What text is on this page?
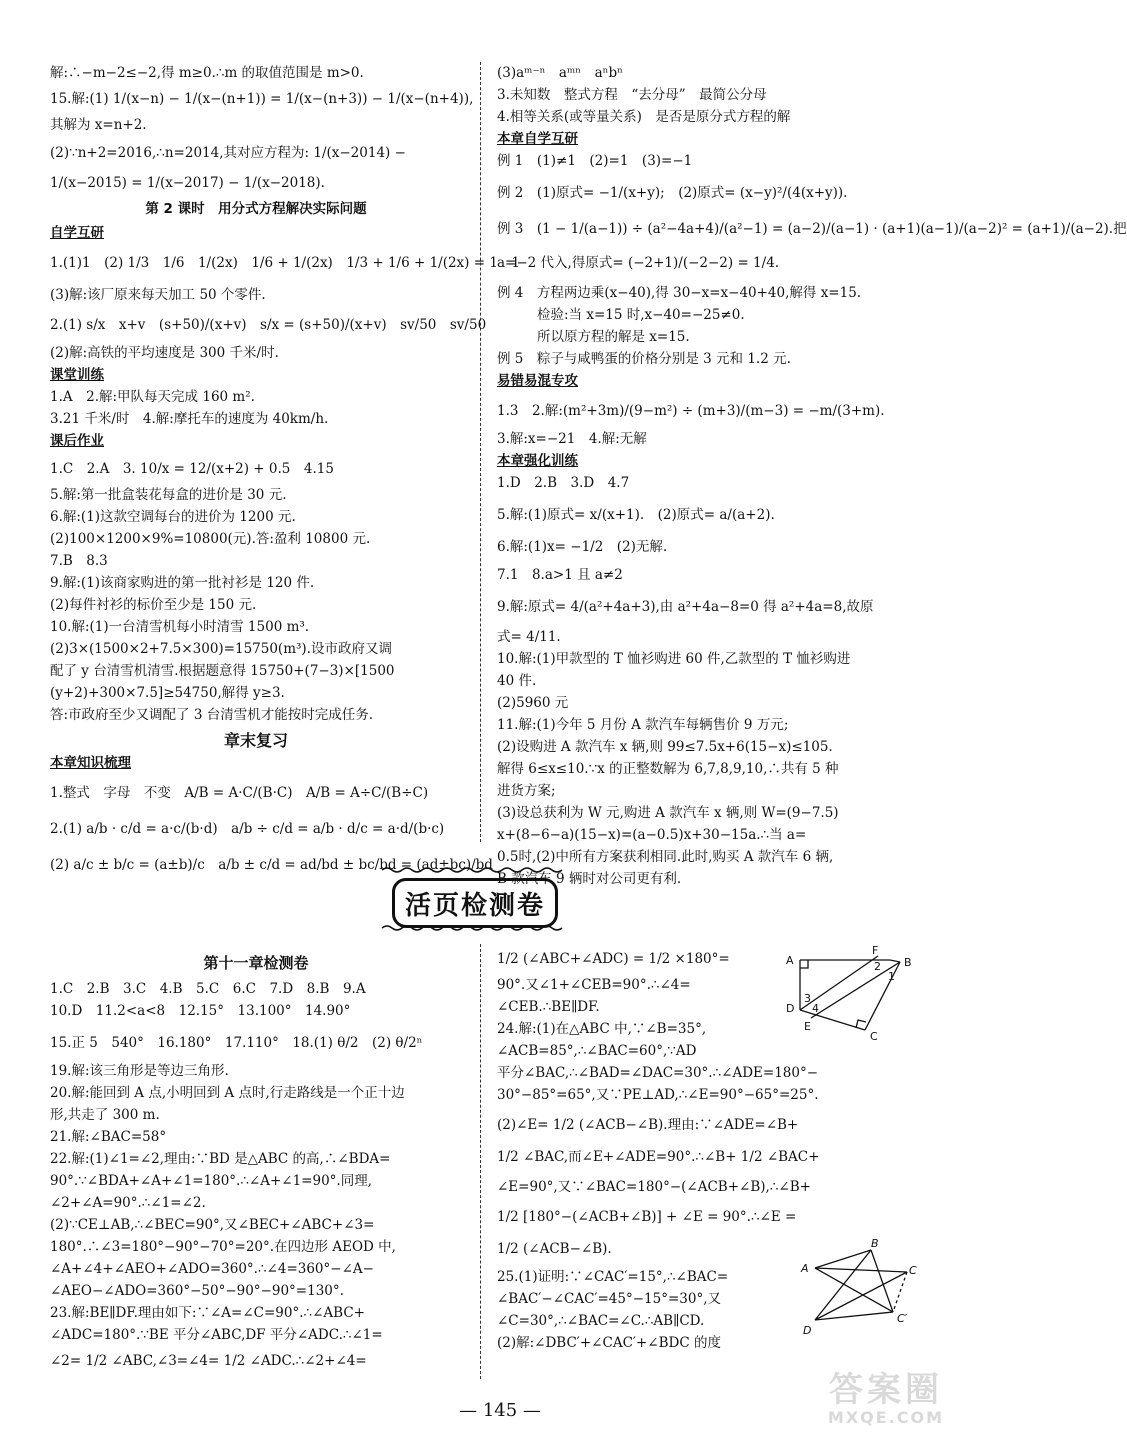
解:∴−m−2≤−2,得 m≥0.∴m 的取值范围是 m>0.
15.解:(1) 1/(x−n) − 1/(x−(n+1)) = 1/(x−(n+3)) − 1/(x−(n+4)),
其解为 x=n+2.
(2)∵n+2=2016,∴n=2014,其对应方程为: 1/(x−2014) −
1/(x−2015) = 1/(x−2017) − 1/(x−2018).
第 2 课时　用分式方程解决实际问题
自学互研
1.(1)1　(2) 1/3　1/6　1/(2x)　1/6 + 1/(2x)　1/3 + 1/6 + 1/(2x) = 1　1
(3)解:该厂原来每天加工 50 个零件.
2.(1) s/x　x+v　(s+50)/(x+v)　s/x = (s+50)/(x+v)　sv/50　sv/50
(2)解:高铁的平均速度是 300 千米/时.
课堂训练
1.A　2.解:甲队每天完成 160 m².
3.21 千米/时　4.解:摩托车的速度为 40km/h.
课后作业
1.C　2.A　3. 10/x = 12/(x+2) + 0.5　4.15
5.解:第一批盒装花每盒的进价是 30 元.
6.解:(1)这款空调每台的进价为 1200 元.
(2)100×1200×9%=10800(元).答:盈利 10800 元.
7.B　8.3
9.解:(1)该商家购进的第一批衬衫是 120 件.
(2)每件衬衫的标价至少是 150 元.
10.解:(1)一台清雪机每小时清雪 1500 m³.
(2)3×(1500×2+7.5×300)=15750(m³).设市政府又调
配了 y 台清雪机清雪.根据题意得 15750+(7−3)×[1500
(y+2)+300×7.5]≥54750,解得 y≥3.
答:市政府至少又调配了 3 台清雪机才能按时完成任务.
章末复习
本章知识梳理
1.整式　字母　不变　A/B = A·C/(B·C)　A/B = A÷C/(B÷C)
2.(1) a/b · c/d = a·c/(b·d)　a/b ÷ c/d = a/b · d/c = a·d/(b·c)
(2) a/c ± b/c = (a±b)/c　a/b ± c/d = ad/bd ± bc/bd = (ad±bc)/bd
(3)aᵐ⁻ⁿ　aᵐⁿ　aⁿbⁿ
3.未知数　整式方程　“去分母”　最简公分母
4.相等关系(或等量关系)　是否是原分式方程的解
本章自学互研
例 1　(1)≠1　(2)=1　(3)=−1
例 2　(1)原式= −1/(x+y);　(2)原式= (x−y)²/(4(x+y)).
例 3　(1 − 1/(a−1)) ÷ (a²−4a+4)/(a²−1) = (a−2)/(a−1) · (a+1)(a−1)/(a−2)² = (a+1)/(a−2).把
a=−2 代入,得原式= (−2+1)/(−2−2) = 1/4.
例 4　方程两边乘(x−40),得 30−x=x−40+40,解得 x=15.
检验:当 x=15 时,x−40=−25≠0.
所以原方程的解是 x=15.
例 5　粽子与咸鸭蛋的价格分别是 3 元和 1.2 元.
易错易混专攻
1.3　2.解:(m²+3m)/(9−m²) ÷ (m+3)/(m−3) = −m/(3+m).
3.解:x=−21　4.解:无解
本章强化训练
1.D　2.B　3.D　4.7
5.解:(1)原式= x/(x+1).　(2)原式= a/(a+2).
6.解:(1)x= −1/2　(2)无解.
7.1　8.a>1 且 a≠2
9.解:原式= 4/(a²+4a+3),由 a²+4a−8=0 得 a²+4a=8,故原
式= 4/11.
10.解:(1)甲款型的 T 恤衫购进 60 件,乙款型的 T 恤衫购进
40 件.
(2)5960 元
11.解:(1)今年 5 月份 A 款汽车每辆售价 9 万元;
(2)设购进 A 款汽车 x 辆,则 99≤7.5x+6(15−x)≤105.
解得 6≤x≤10.∵x 的正整数解为 6,7,8,9,10,∴共有 5 种
进货方案;
(3)设总获利为 W 元,购进 A 款汽车 x 辆,则 W=(9−7.5)
x+(8−6−a)(15−x)=(a−0.5)x+30−15a.∴当 a=
0.5时,(2)中所有方案获利相同.此时,购买 A 款汽车 6 辆,
B 款汽车 9 辆时对公司更有利.
活页检测卷
第十一章检测卷
1.C　2.B　3.C　4.B　5.C　6.C　7.D　8.B　9.A
10.D　11.2<a<8　12.15°　13.100°　14.90°
15.正 5　540°　16.180°　17.110°　18.(1) θ/2　(2) θ/2ⁿ
19.解:该三角形是等边三角形.
20.解:能回到 A 点,小明回到 A 点时,行走路线是一个正十边
形,共走了 300 m.
21.解:∠BAC=58°
22.解:(1)∠1=∠2,理由:∵BD 是△ABC 的高,∴∠BDA=
90°.∵∠BDA+∠A+∠1=180°.∴∠A+∠1=90°.同理,
∠2+∠A=90°.∴∠1=∠2.
(2)∵CE⊥AB,∴∠BEC=90°,又∠BEC+∠ABC+∠3=
180°.∴∠3=180°−90°−70°=20°.在四边形 AEOD 中,
∠A+∠4+∠AEO+∠ADO=360°.∴∠4=360°−∠A−
∠AEO−∠ADO=360°−50°−90°−90°=130°.
23.解:BE∥DF.理由如下:∵∠A=∠C=90°.∴∠ABC+
∠ADC=180°.∵BE 平分∠ABC,DF 平分∠ADC.∴∠1=
∠2= 1/2 ∠ABC,∠3=∠4= 1/2 ∠ADC.∴∠2+∠4=
1/2 (∠ABC+∠ADC) = 1/2 ×180°=
90°.又∠1+∠CEB=90°.∴∠4=
∠CEB.∴BE∥DF.
24.解:(1)在△ABC 中,∵∠B=35°,
∠ACB=85°,∴∠BAC=60°,∵AD
平分∠BAC,∴∠BAD=∠DAC=30°.∴∠ADE=180°−
30°−85°=65°,又∵PE⊥AD,∴∠E=90°−65°=25°.
(2)∠E= 1/2 (∠ACB−∠B).理由:∵∠ADE=∠B+
1/2 ∠BAC,而∠E+∠ADE=90°.∴∠B+ 1/2 ∠BAC+
∠E=90°,又∵∠BAC=180°−(∠ACB+∠B),∴∠B+
1/2 [180°−(∠ACB+∠B)] + ∠E = 90°.∴∠E =
1/2 (∠ACB−∠B).
25.(1)证明:∵∠CAC′=15°,∴∠BAC=
∠BAC′−∠CAC′=45°−15°=30°,又
∠C=30°,∴∠BAC=∠C.∴AB∥CD.
(2)解:∠DBC′+∠CAC′+∠BDC 的度
A
F
B
D
2
1
3
4
E
C
A
B
C
C′
D
— 145 —
答案圈
MXQE.COM
